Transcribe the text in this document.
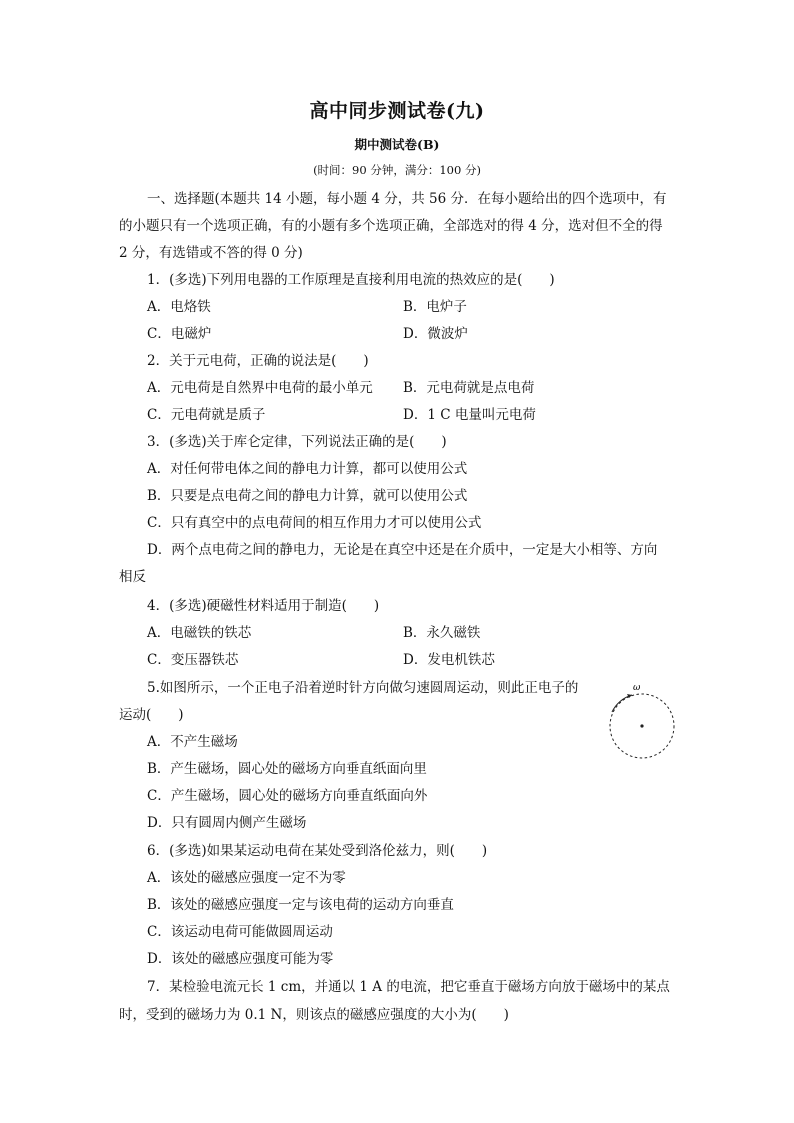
高中同步测试卷(九)
期中测试卷(B)
(时间：90 分钟，满分：100 分)
一、选择题(本题共 14 小题，每小题 4 分，共 56 分．在每小题给出的四个选项中，有
的小题只有一个选项正确，有的小题有多个选项正确，全部选对的得 4 分，选对但不全的得
2 分，有选错或不答的得 0 分)
1．(多选)下列用电器的工作原理是直接利用电流的热效应的是(　　)
A．电烙铁	B．电炉子
C．电磁炉	D．微波炉
2．关于元电荷，正确的说法是(　　)
A．元电荷是自然界中电荷的最小单元 B．元电荷就是点电荷
C．元电荷就是质子	D．1 C 电量叫元电荷
3．(多选)关于库仑定律，下列说法正确的是(　　)
A．对任何带电体之间的静电力计算，都可以使用公式
B．只要是点电荷之间的静电力计算，就可以使用公式
C．只有真空中的点电荷间的相互作用力才可以使用公式
D．两个点电荷之间的静电力，无论是在真空中还是在介质中，一定是大小相等、方向
相反
4．(多选)硬磁性材料适用于制造(　　)
A．电磁铁的铁芯	B．永久磁铁
C．变压器铁芯	D．发电机铁芯
5.如图所示，一个正电子沿着逆时针方向做匀速圆周运动，则此正电子的
运动(　　)
ω
A．不产生磁场
B．产生磁场，圆心处的磁场方向垂直纸面向里
C．产生磁场，圆心处的磁场方向垂直纸面向外
D．只有圆周内侧产生磁场
6．(多选)如果某运动电荷在某处受到洛伦兹力，则(　　)
A．该处的磁感应强度一定不为零
B．该处的磁感应强度一定与该电荷的运动方向垂直
C．该运动电荷可能做圆周运动
D．该处的磁感应强度可能为零
7．某检验电流元长 1 cm，并通以 1 A 的电流，把它垂直于磁场方向放于磁场中的某点
时，受到的磁场力为 0.1 N，则该点的磁感应强度的大小为(　　)
